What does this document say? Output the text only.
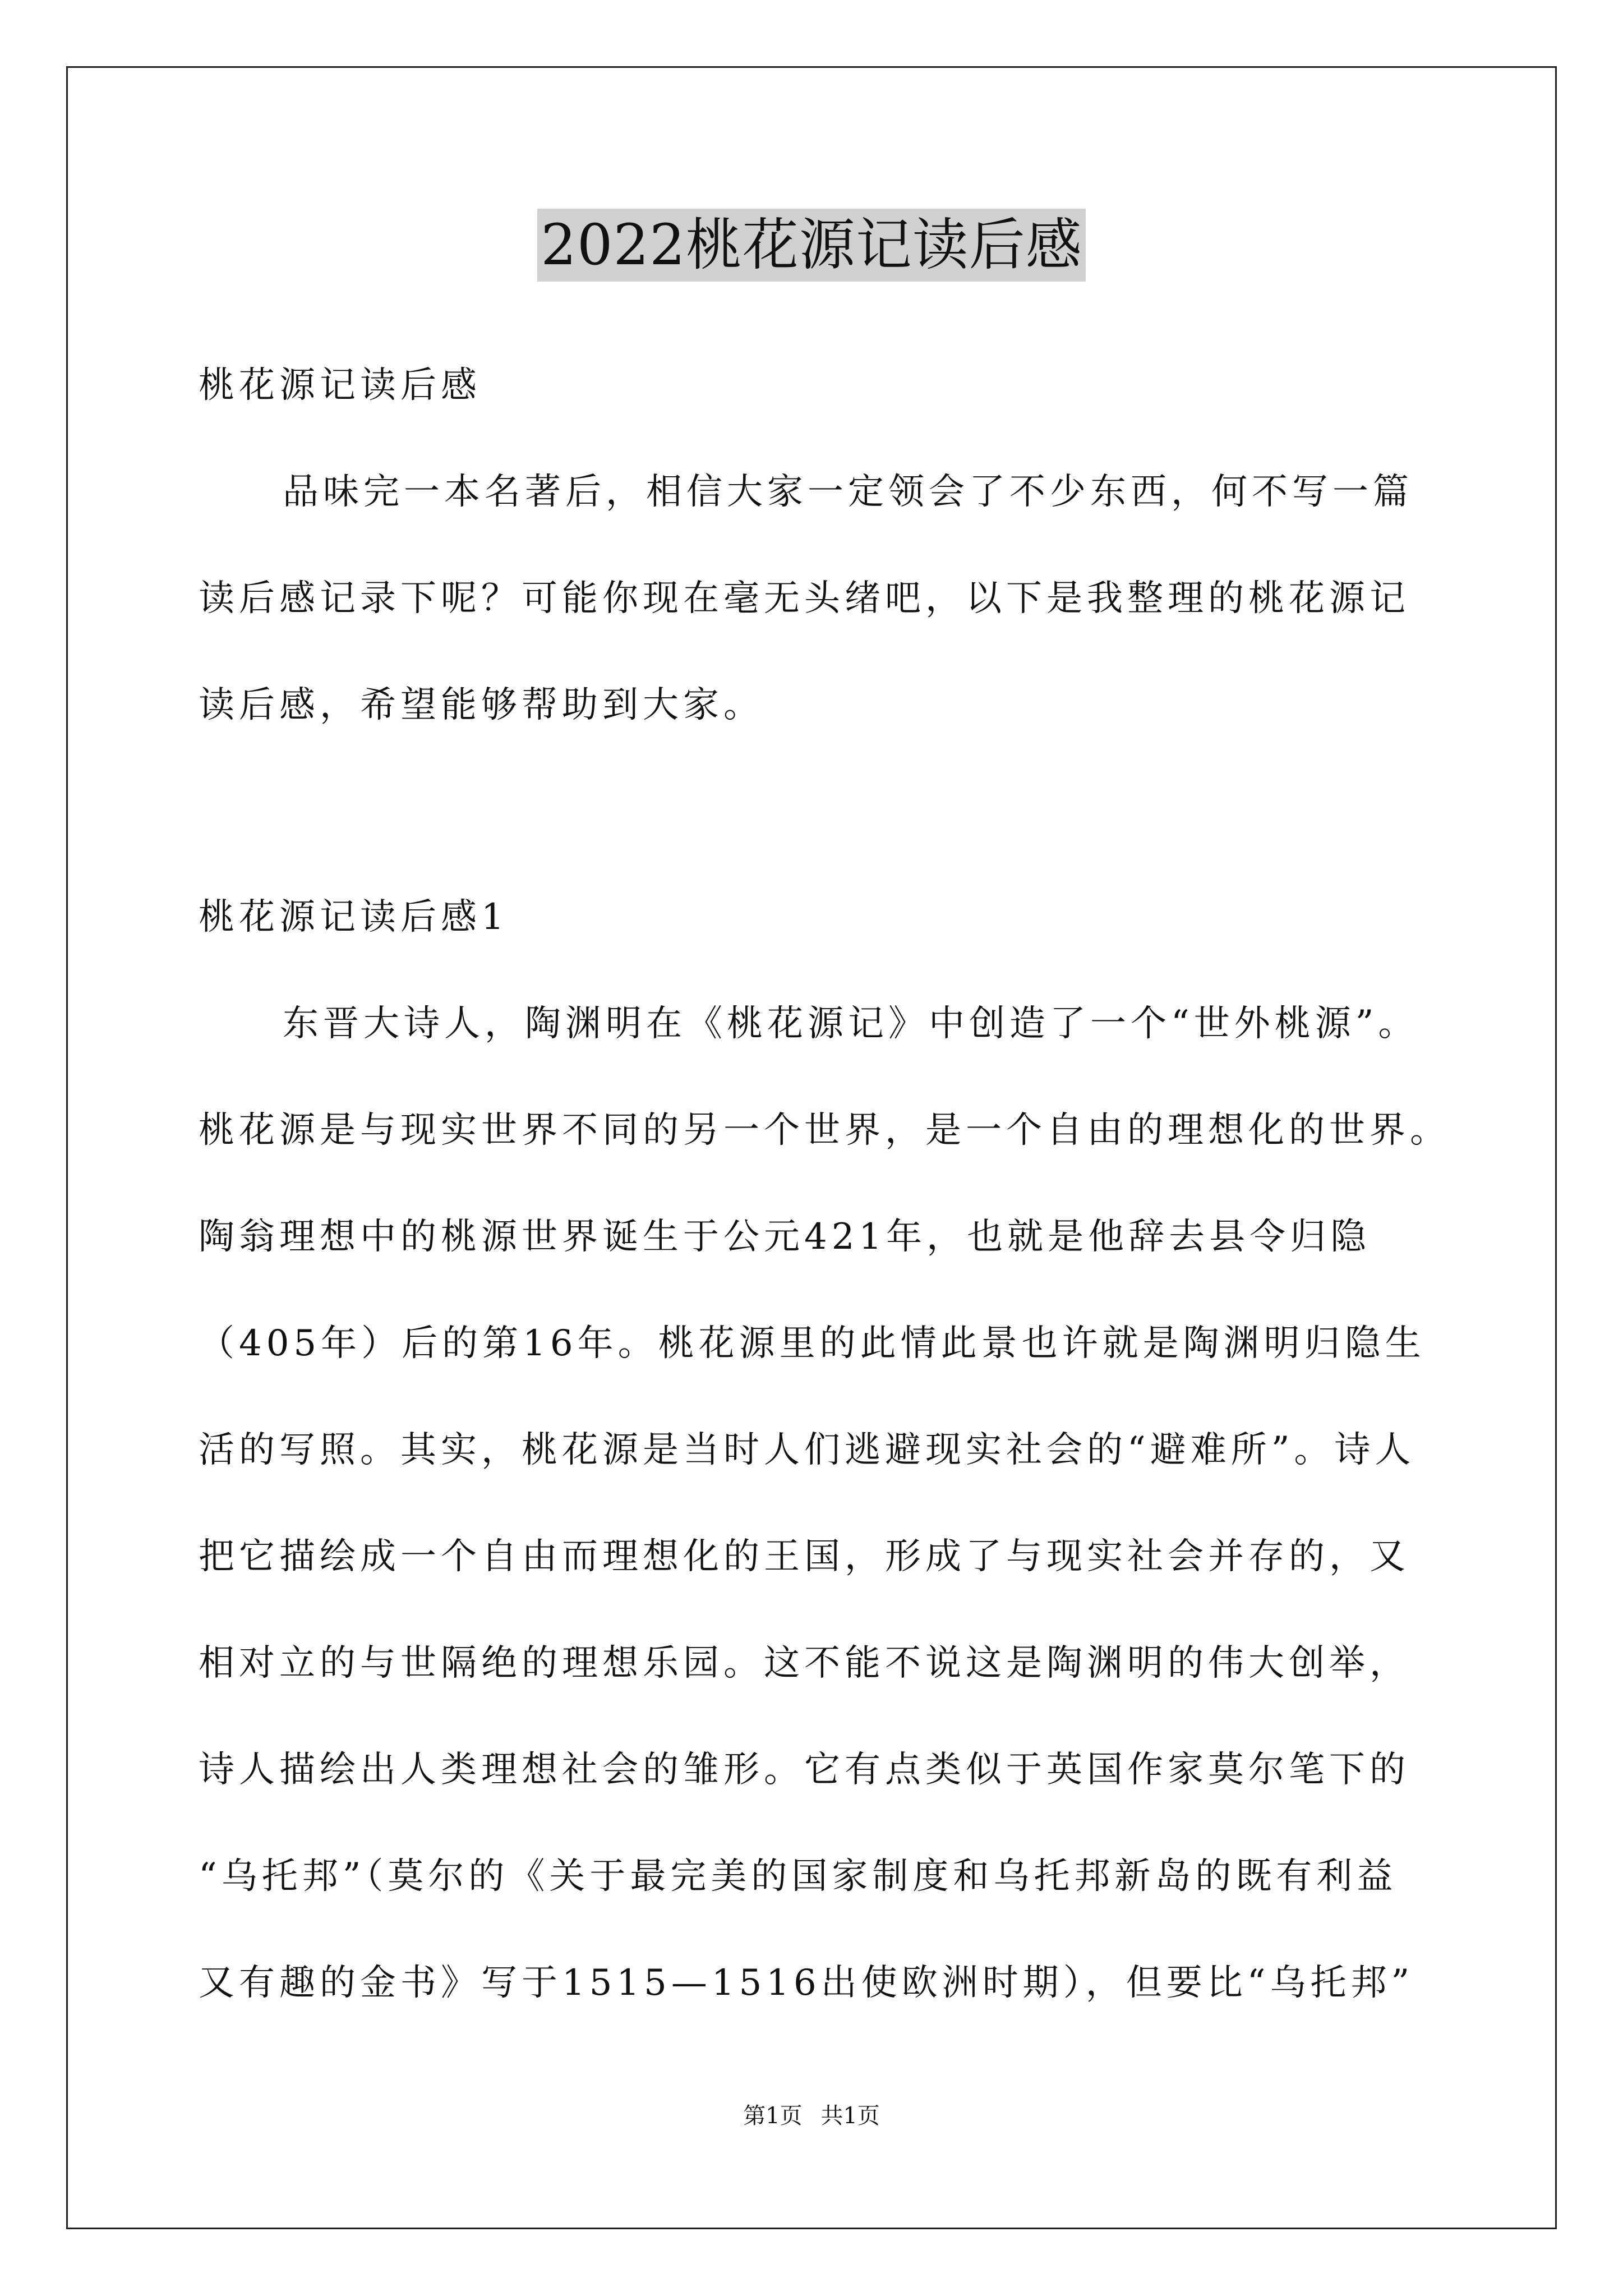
2022桃花源记读后感
桃花源记读后感
品味完一本名著后，相信大家一定领会了不少东西，何不写一篇
读后感记录下呢？可能你现在毫无头绪吧，以下是我整理的桃花源记
读后感，希望能够帮助到大家。
桃花源记读后感1
东晋大诗人，陶渊明在《桃花源记》中创造了一个“世外桃源”。
桃花源是与现实世界不同的另一个世界，是一个自由的理想化的世界。
陶翁理想中的桃源世界诞生于公元421年，也就是他辞去县令归隐
（405年）后的第16年。桃花源里的此情此景也许就是陶渊明归隐生
活的写照。其实，桃花源是当时人们逃避现实社会的“避难所”。诗人
把它描绘成一个自由而理想化的王国，形成了与现实社会并存的，又
相对立的与世隔绝的理想乐园。这不能不说这是陶渊明的伟大创举，
诗人描绘出人类理想社会的雏形。它有点类似于英国作家莫尔笔下的
“乌托邦”（莫尔的《关于最完美的国家制度和乌托邦新岛的既有利益
又有趣的金书》写于1515—1516出使欧洲时期），但要比“乌托邦”
第1页 共1页
